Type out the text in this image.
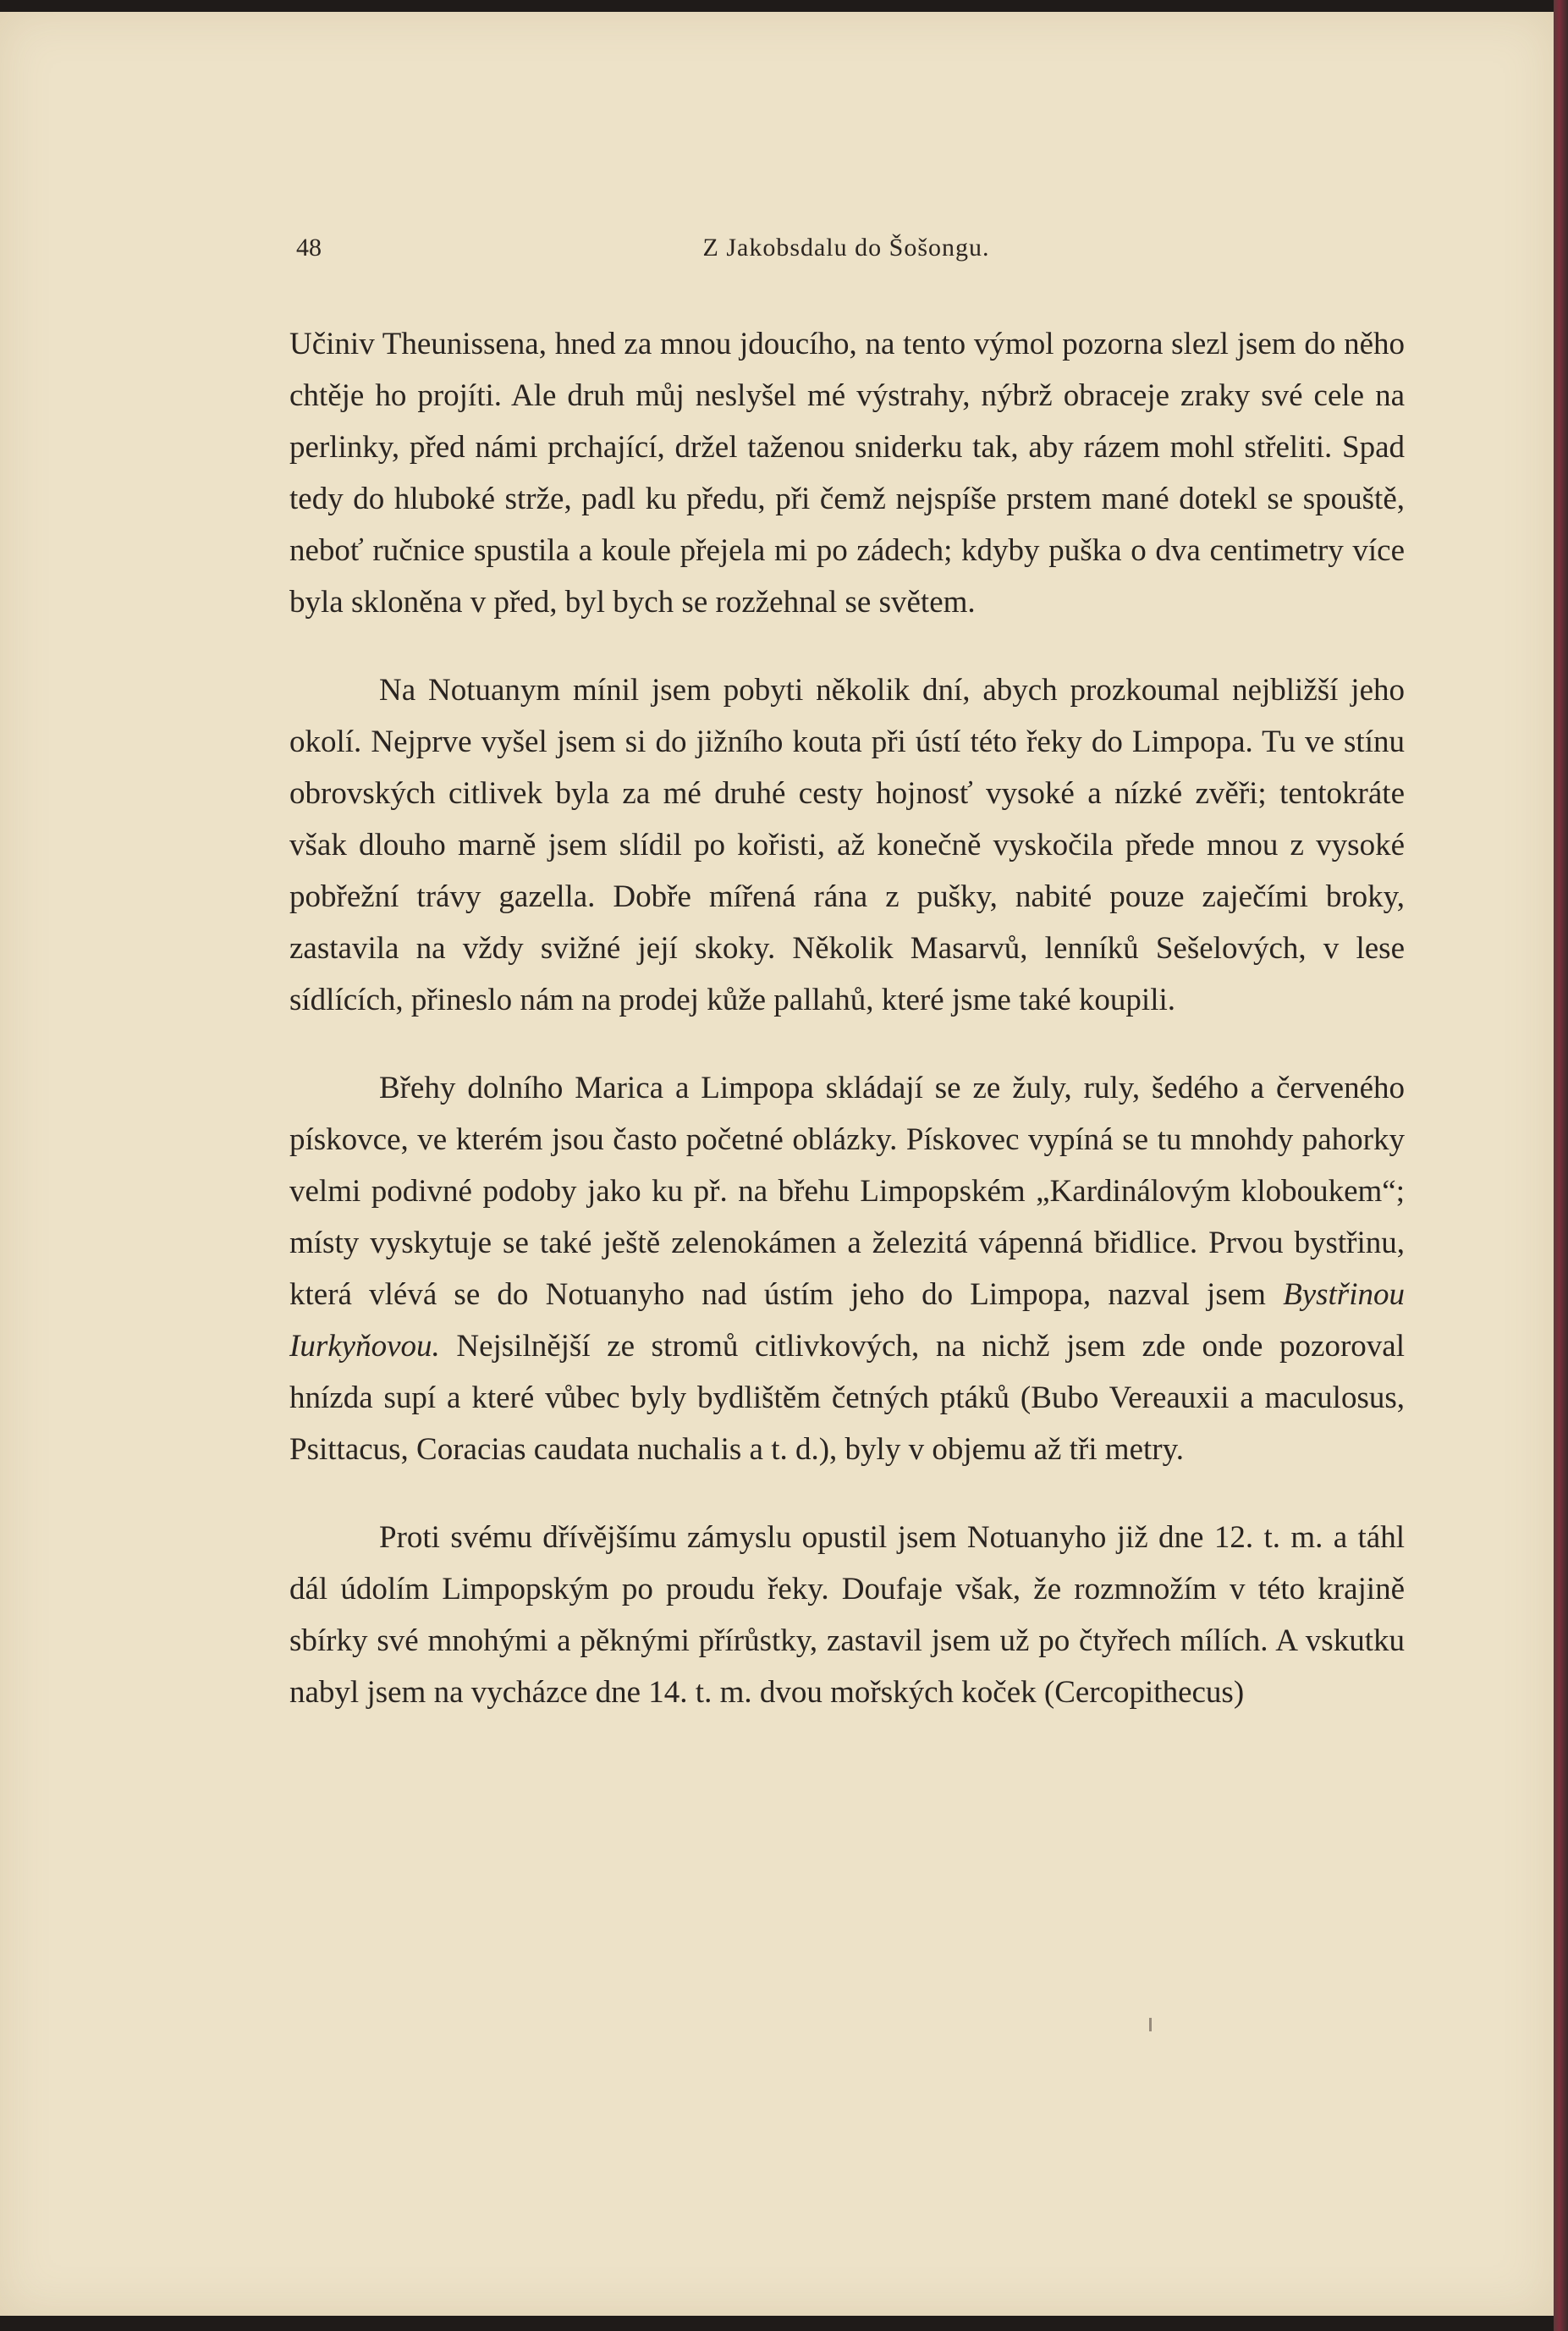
48	Z Jakobsdalu do Šošongu.

Učiniv Theunissena, hned za mnou jdoucího, na tento výmol pozorna slezl jsem do něho chtěje ho projíti. Ale druh můj neslyšel mé výstrahy, nýbrž obraceje zraky své cele na perlinky, před námi prchající, držel taženou sniderku tak, aby rázem mohl střeliti. Spad tedy do hluboké strže, padl ku předu, při čemž nejspíše prstem mané dotekl se spouště, neboť ručnice spustila a koule přejela mi po zádech; kdyby puška o dva centimetry více byla skloněna v před, byl bych se rozžehnal se světem.

Na Notuanym mínil jsem pobyti několik dní, abych prozkoumal nejbližší jeho okolí. Nejprve vyšel jsem si do jižního kouta při ústí této řeky do Limpopa. Tu ve stínu obrovských citlivek byla za mé druhé cesty hojnosť vysoké a nízké zvěři; tentokráte však dlouho marně jsem slídil po kořisti, až konečně vyskočila přede mnou z vysoké pobřežní trávy gazella. Dobře mířená rána z pušky, nabité pouze zaječími broky, zastavila na vždy svižné její skoky. Několik Masarvů, lenníků Sešelových, v lese sídlících, přineslo nám na prodej kůže pallahů, které jsme také koupili.

Břehy dolního Marica a Limpopa skládají se ze žuly, ruly, šedého a červeného pískovce, ve kterém jsou často početné oblázky. Pískovec vypíná se tu mnohdy pahorky velmi podivné podoby jako ku př. na břehu Limpopském „Kardinálovým kloboukem“; místy vyskytuje se také ještě zelenokámen a železitá vápenná břidlice. Prvou bystřinu, která vlévá se do Notuanyho nad ústím jeho do Limpopa, nazval jsem Bystřinou Iurkyňovou. Nejsilnější ze stromů citlivkových, na nichž jsem zde onde pozoroval hnízda supí a které vůbec byly bydlištěm četných ptáků (Bubo Vereauxii a maculosus, Psittacus, Coracias caudata nuchalis a t. d.), byly v objemu až tři metry.

Proti svému dřívějšímu zámyslu opustil jsem Notuanyho již dne 12. t. m. a táhl dál údolím Limpopským po proudu řeky. Doufaje však, že rozmnožím v této krajině sbírky své mnohými a pěknými přírůstky, zastavil jsem už po čtyřech mílích. A vskutku nabyl jsem na vycházce dne 14. t. m. dvou mořských koček (Cercopithecus)
